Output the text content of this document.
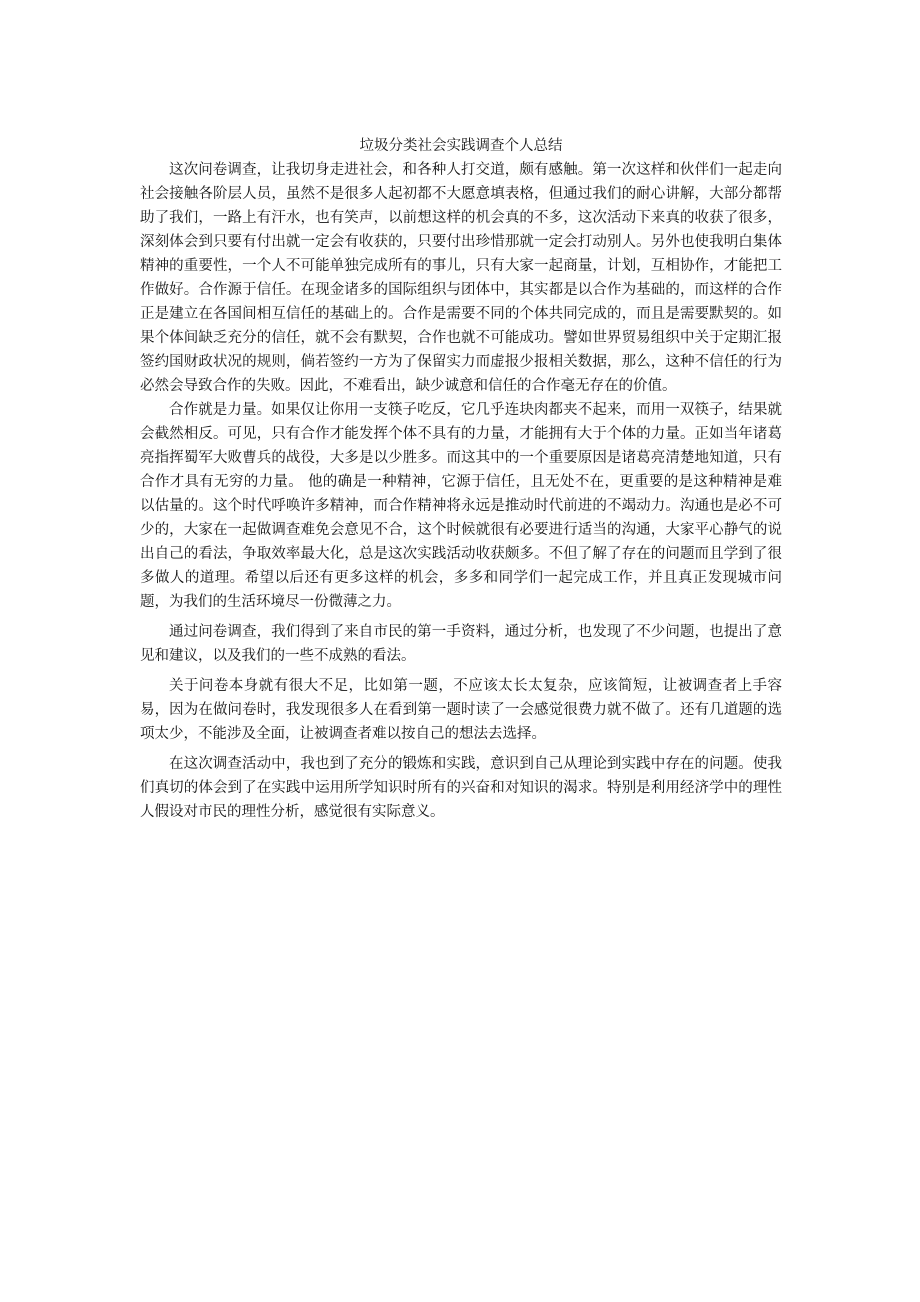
垃圾分类社会实践调查个人总结

这次问卷调查，让我切身走进社会，和各种人打交道，颇有感触。第一次这样和伙伴们一起走向社会接触各阶层人员，虽然不是很多人起初都不大愿意填表格，但通过我们的耐心讲解，大部分都帮助了我们，一路上有汗水，也有笑声，以前想这样的机会真的不多，这次活动下来真的收获了很多，深刻体会到只要有付出就一定会有收获的，只要付出珍惜那就一定会打动别人。另外也使我明白集体精神的重要性，一个人不可能单独完成所有的事儿，只有大家一起商量，计划，互相协作，才能把工作做好。合作源于信任。在现金诸多的国际组织与团体中，其实都是以合作为基础的，而这样的合作正是建立在各国间相互信任的基础上的。合作是需要不同的个体共同完成的，而且是需要默契的。如果个体间缺乏充分的信任，就不会有默契，合作也就不可能成功。譬如世界贸易组织中关于定期汇报签约国财政状况的规则，倘若签约一方为了保留实力而虚报少报相关数据，那么，这种不信任的行为必然会导致合作的失败。因此，不难看出，缺少诚意和信任的合作毫无存在的价值。

合作就是力量。如果仅让你用一支筷子吃反，它几乎连块肉都夹不起来，而用一双筷子，结果就会截然相反。可见，只有合作才能发挥个体不具有的力量，才能拥有大于个体的力量。正如当年诸葛亮指挥蜀军大败曹兵的战役，大多是以少胜多。而这其中的一个重要原因是诸葛亮清楚地知道，只有合作才具有无穷的力量。 他的确是一种精神，它源于信任，且无处不在，更重要的是这种精神是难以估量的。这个时代呼唤许多精神，而合作精神将永远是推动时代前进的不竭动力。沟通也是必不可少的，大家在一起做调查难免会意见不合，这个时候就很有必要进行适当的沟通，大家平心静气的说出自己的看法，争取效率最大化，总是这次实践活动收获颇多。不但了解了存在的问题而且学到了很多做人的道理。希望以后还有更多这样的机会，多多和同学们一起完成工作，并且真正发现城市问题，为我们的生活环境尽一份微薄之力。

通过问卷调查，我们得到了来自市民的第一手资料，通过分析，也发现了不少问题，也提出了意见和建议，以及我们的一些不成熟的看法。

关于问卷本身就有很大不足，比如第一题，不应该太长太复杂，应该简短，让被调查者上手容易，因为在做问卷时，我发现很多人在看到第一题时读了一会感觉很费力就不做了。还有几道题的选项太少，不能涉及全面，让被调查者难以按自己的想法去选择。

在这次调查活动中，我也到了充分的锻炼和实践，意识到自己从理论到实践中存在的问题。使我们真切的体会到了在实践中运用所学知识时所有的兴奋和对知识的渴求。特别是利用经济学中的理性人假设对市民的理性分析，感觉很有实际意义。
